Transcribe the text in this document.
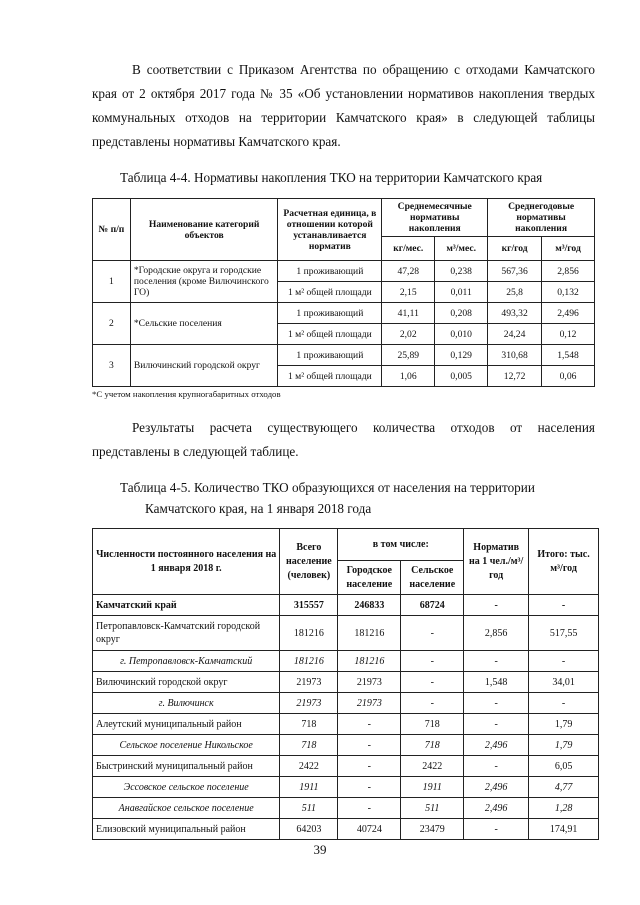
В соответствии с Приказом Агентства по обращению с отходами Камчатского края от 2 октября 2017 года № 35 «Об установлении нормативов накопления твердых коммунальных отходов на территории Камчатского края» в следующей таблицы представлены нормативы Камчатского края.
Таблица 4-4. Нормативы накопления ТКО на территории Камчатского края
№ п/п	Наименование категорий объектов	Расчетная единица, в отношении которой устанавливается норматив	Среднемесячные нормативы накопления		Среднегодовые нормативы накопления	
			кг/мес.	м³/мес.	кг/год	м³/год
1	*Городские округа и городские поселения (кроме Вилючинского ГО)	1 проживающий	47,28	0,238	567,36	2,856
		1 м² общей площади	2,15	0,011	25,8	0,132
2	*Сельские поселения	1 проживающий	41,11	0,208	493,32	2,496
		1 м² общей площади	2,02	0,010	24,24	0,12
3	Вилючинский городской округ	1 проживающий	25,89	0,129	310,68	1,548
		1 м² общей площади	1,06	0,005	12,72	0,06
*С учетом накопления крупногабаритных отходов
Результаты расчета существующего количества отходов от населения представлены в следующей таблице.
Таблица 4-5. Количество ТКО образующихся от населения на территории
Камчатского края, на 1 января 2018 года
Численности постоянного населения на 1 января 2018 г.	Всего население (человек)	в том числе:		Норматив на 1 чел./м³/год	Итого: тыс. м³/год
		Городское население	Сельское население		
Камчатский край	315557	246833	68724	-	-
Петропавловск-Камчатский городской округ	181216	181216	-	2,856	517,55
г. Петропавловск-Камчатский	181216	181216	-	-	-
Вилючинский городской округ	21973	21973	-	1,548	34,01
г. Вилючинск	21973	21973	-	-	-
Алеутский муниципальный район	718	-	718	-	1,79
Сельское поселение Никольское	718	-	718	2,496	1,79
Быстринский муниципальный район	2422	-	2422	-	6,05
Эссовское сельское поселение	1911	-	1911	2,496	4,77
Анавгайское сельское поселение	511	-	511	2,496	1,28
Елизовский муниципальный район	64203	40724	23479	-	174,91
39
